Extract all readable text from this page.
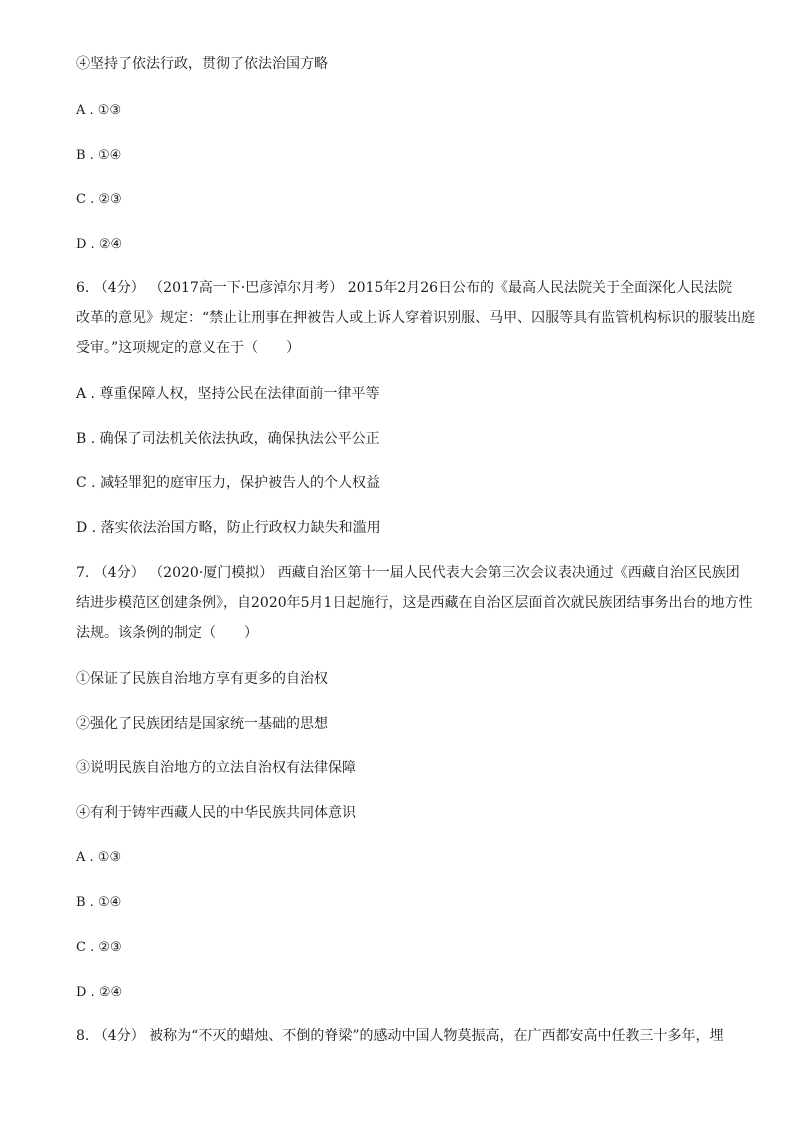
④坚持了依法行政，贯彻了依法治国方略
A . ①③
B . ①④
C . ②③
D . ②④
6. （4分） （2017高一下·巴彦淖尔月考） 2015年2月26日公布的《最高人民法院关于全面深化人民法院
改革的意见》规定：“禁止让刑事在押被告人或上诉人穿着识别服、马甲、囚服等具有监管机构标识的服装出庭
受审。”这项规定的意义在于（　　）
A . 尊重保障人权，坚持公民在法律面前一律平等
B . 确保了司法机关依法执政，确保执法公平公正
C . 减轻罪犯的庭审压力，保护被告人的个人权益
D . 落实依法治国方略，防止行政权力缺失和滥用
7. （4分） （2020·厦门模拟） 西藏自治区第十一届人民代表大会第三次会议表决通过《西藏自治区民族团
结进步模范区创建条例》，自2020年5月1日起施行，这是西藏在自治区层面首次就民族团结事务出台的地方性
法规。该条例的制定（　　）
①保证了民族自治地方享有更多的自治权
②强化了民族团结是国家统一基础的思想
③说明民族自治地方的立法自治权有法律保障
④有利于铸牢西藏人民的中华民族共同体意识
A . ①③
B . ①④
C . ②③
D . ②④
8. （4分） 被称为“不灭的蜡烛、不倒的脊梁”的感动中国人物莫振高，在广西都安高中任教三十多年，埋
